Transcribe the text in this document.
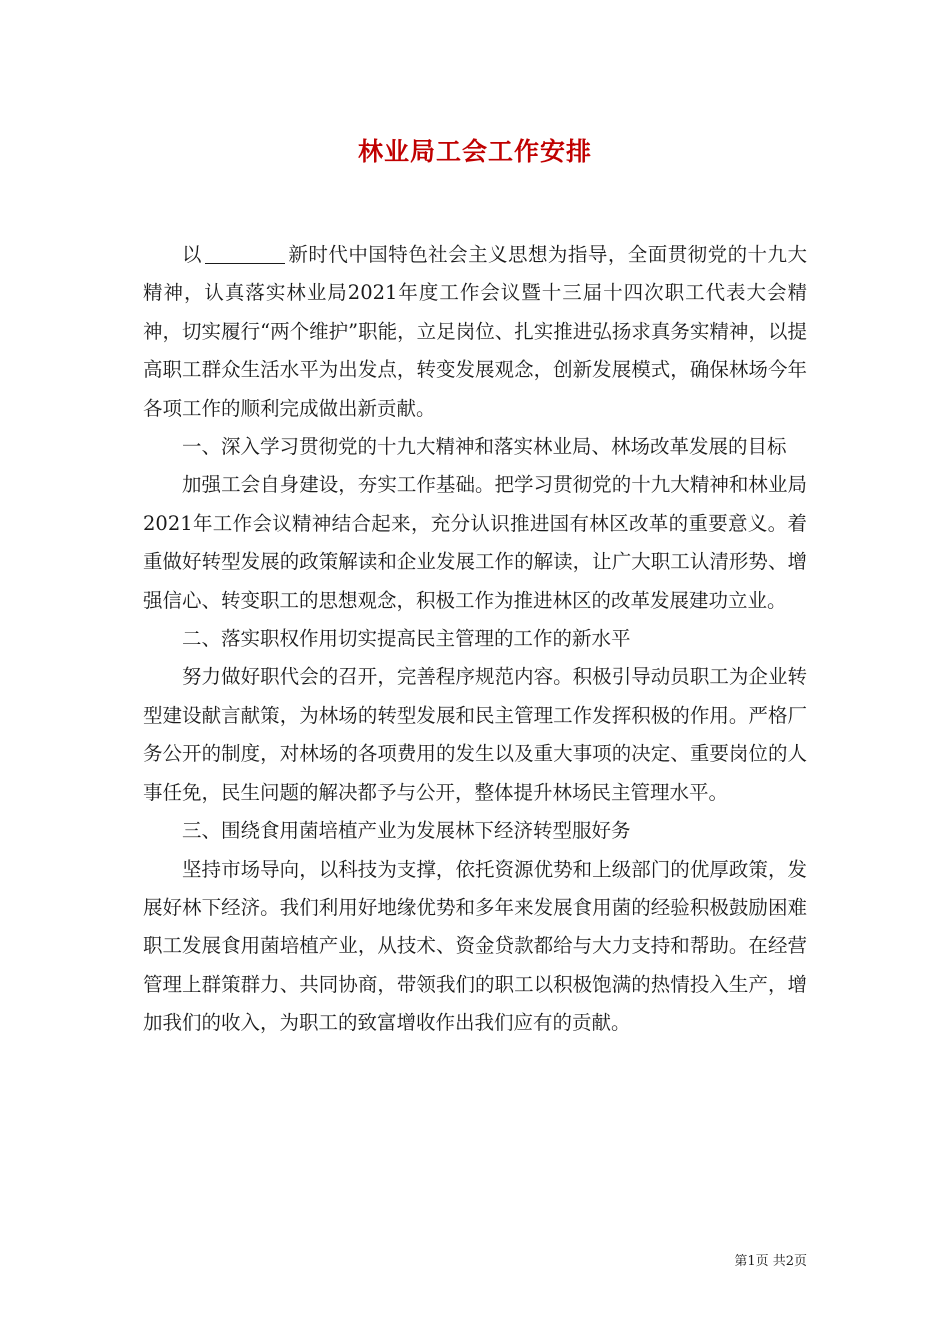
林业局工会工作安排

以	新时代中国特色社会主义思想为指导，全面贯彻党的十九大精神，认真落实林业局2021年度工作会议暨十三届十四次职工代表大会精神，切实履行“两个维护”职能，立足岗位、扎实推进弘扬求真务实精神，以提高职工群众生活水平为出发点，转变发展观念，创新发展模式，确保林场今年各项工作的顺利完成做出新贡献。

一、深入学习贯彻党的十九大精神和落实林业局、林场改革发展的目标

加强工会自身建设，夯实工作基础。把学习贯彻党的十九大精神和林业局2021年工作会议精神结合起来，充分认识推进国有林区改革的重要意义。着重做好转型发展的政策解读和企业发展工作的解读，让广大职工认清形势、增强信心、转变职工的思想观念，积极工作为推进林区的改革发展建功立业。

二、落实职权作用切实提高民主管理的工作的新水平

努力做好职代会的召开，完善程序规范内容。积极引导动员职工为企业转型建设献言献策，为林场的转型发展和民主管理工作发挥积极的作用。严格厂务公开的制度，对林场的各项费用的发生以及重大事项的决定、重要岗位的人事任免，民生问题的解决都予与公开，整体提升林场民主管理水平。

三、围绕食用菌培植产业为发展林下经济转型服好务

坚持市场导向，以科技为支撑，依托资源优势和上级部门的优厚政策，发展好林下经济。我们利用好地缘优势和多年来发展食用菌的经验积极鼓励困难职工发展食用菌培植产业，从技术、资金贷款都给与大力支持和帮助。在经营管理上群策群力、共同协商，带领我们的职工以积极饱满的热情投入生产，增加我们的收入，为职工的致富增收作出我们应有的贡献。

第1页 共2页
